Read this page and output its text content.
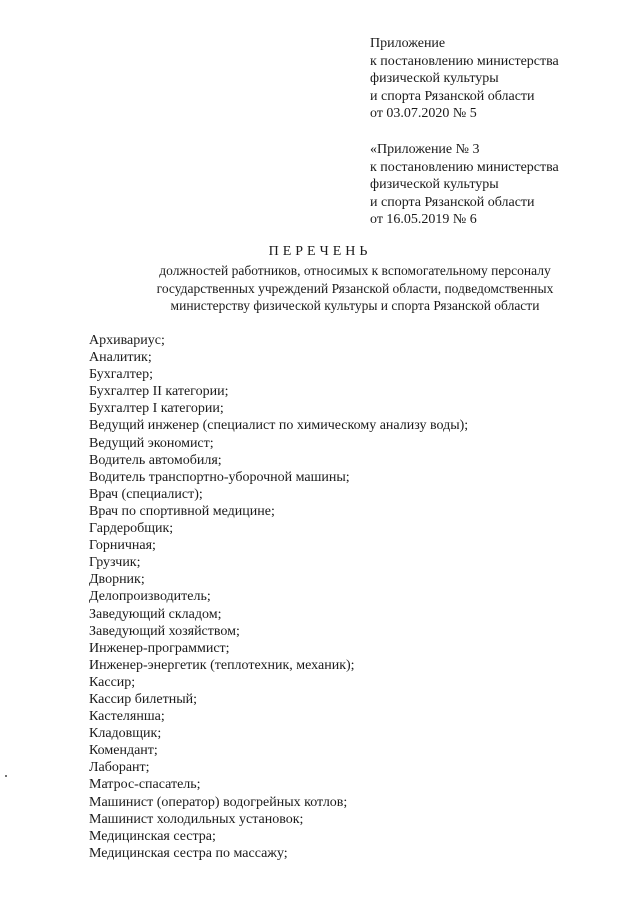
Приложение
к постановлению министерства
физической культуры
и спорта Рязанской области
от 03.07.2020 № 5
«Приложение № 3
к постановлению министерства
физической культуры
и спорта Рязанской области
от 16.05.2019 № 6
ПЕРЕЧЕНЬ
должностей работников, относимых к вспомогательному персоналу
государственных учреждений Рязанской области, подведомственных
министерству физической культуры и спорта Рязанской области
Архивариус;
Аналитик;
Бухгалтер;
Бухгалтер II категории;
Бухгалтер I категории;
Ведущий инженер (специалист по химическому анализу воды);
Ведущий экономист;
Водитель автомобиля;
Водитель транспортно-уборочной машины;
Врач (специалист);
Врач по спортивной медицине;
Гардеробщик;
Горничная;
Грузчик;
Дворник;
Делопроизводитель;
Заведующий складом;
Заведующий хозяйством;
Инженер-программист;
Инженер-энергетик (теплотехник, механик);
Кассир;
Кассир билетный;
Кастелянша;
Кладовщик;
Комендант;
Лаборант;
Матрос-спасатель;
Машинист (оператор) водогрейных котлов;
Машинист холодильных установок;
Медицинская сестра;
Медицинская сестра по массажу;
